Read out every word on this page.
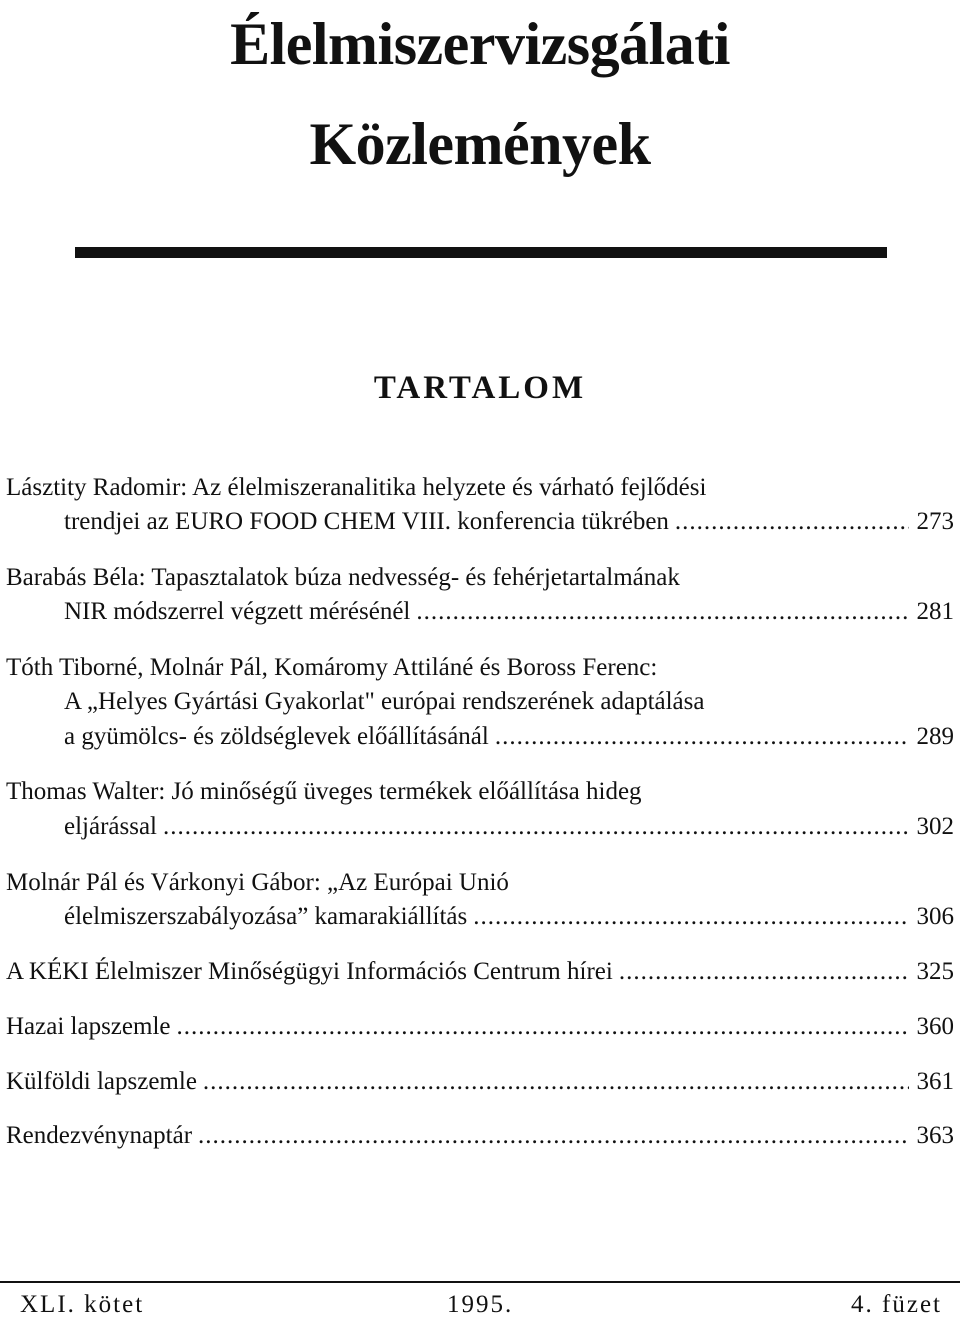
Élelmiszervizsgálati
Közlemények
TARTALOM
Lásztity Radomir: Az élelmiszeranalitika helyzete és várható fejlődési
trendjei az EURO FOOD CHEM VIII. konferencia tükrében .....	273
Barabás Béla: Tapasztalatok búza nedvesség- és fehérjetartalmának
NIR módszerrel végzett mérésénél .....	281
Tóth Tiborné, Molnár Pál, Komáromy Attiláné és Boross Ferenc:
A „Helyes Gyártási Gyakorlat" európai rendszerének adaptálása
a gyümölcs- és zöldséglevek előállításánál .....	289
Thomas Walter: Jó minőségű üveges termékek előállítása hideg
eljárással .....	302
Molnár Pál és Várkonyi Gábor: „Az Európai Unió
élelmiszerszabályozása” kamarakiállítás .....	306
A KÉKI Élelmiszer Minőségügyi Információs Centrum hírei .....	325
Hazai lapszemle .....	360
Külföldi lapszemle .....	361
Rendezvénynaptár .....	363
XLI. kötet	1995.	4. füzet
